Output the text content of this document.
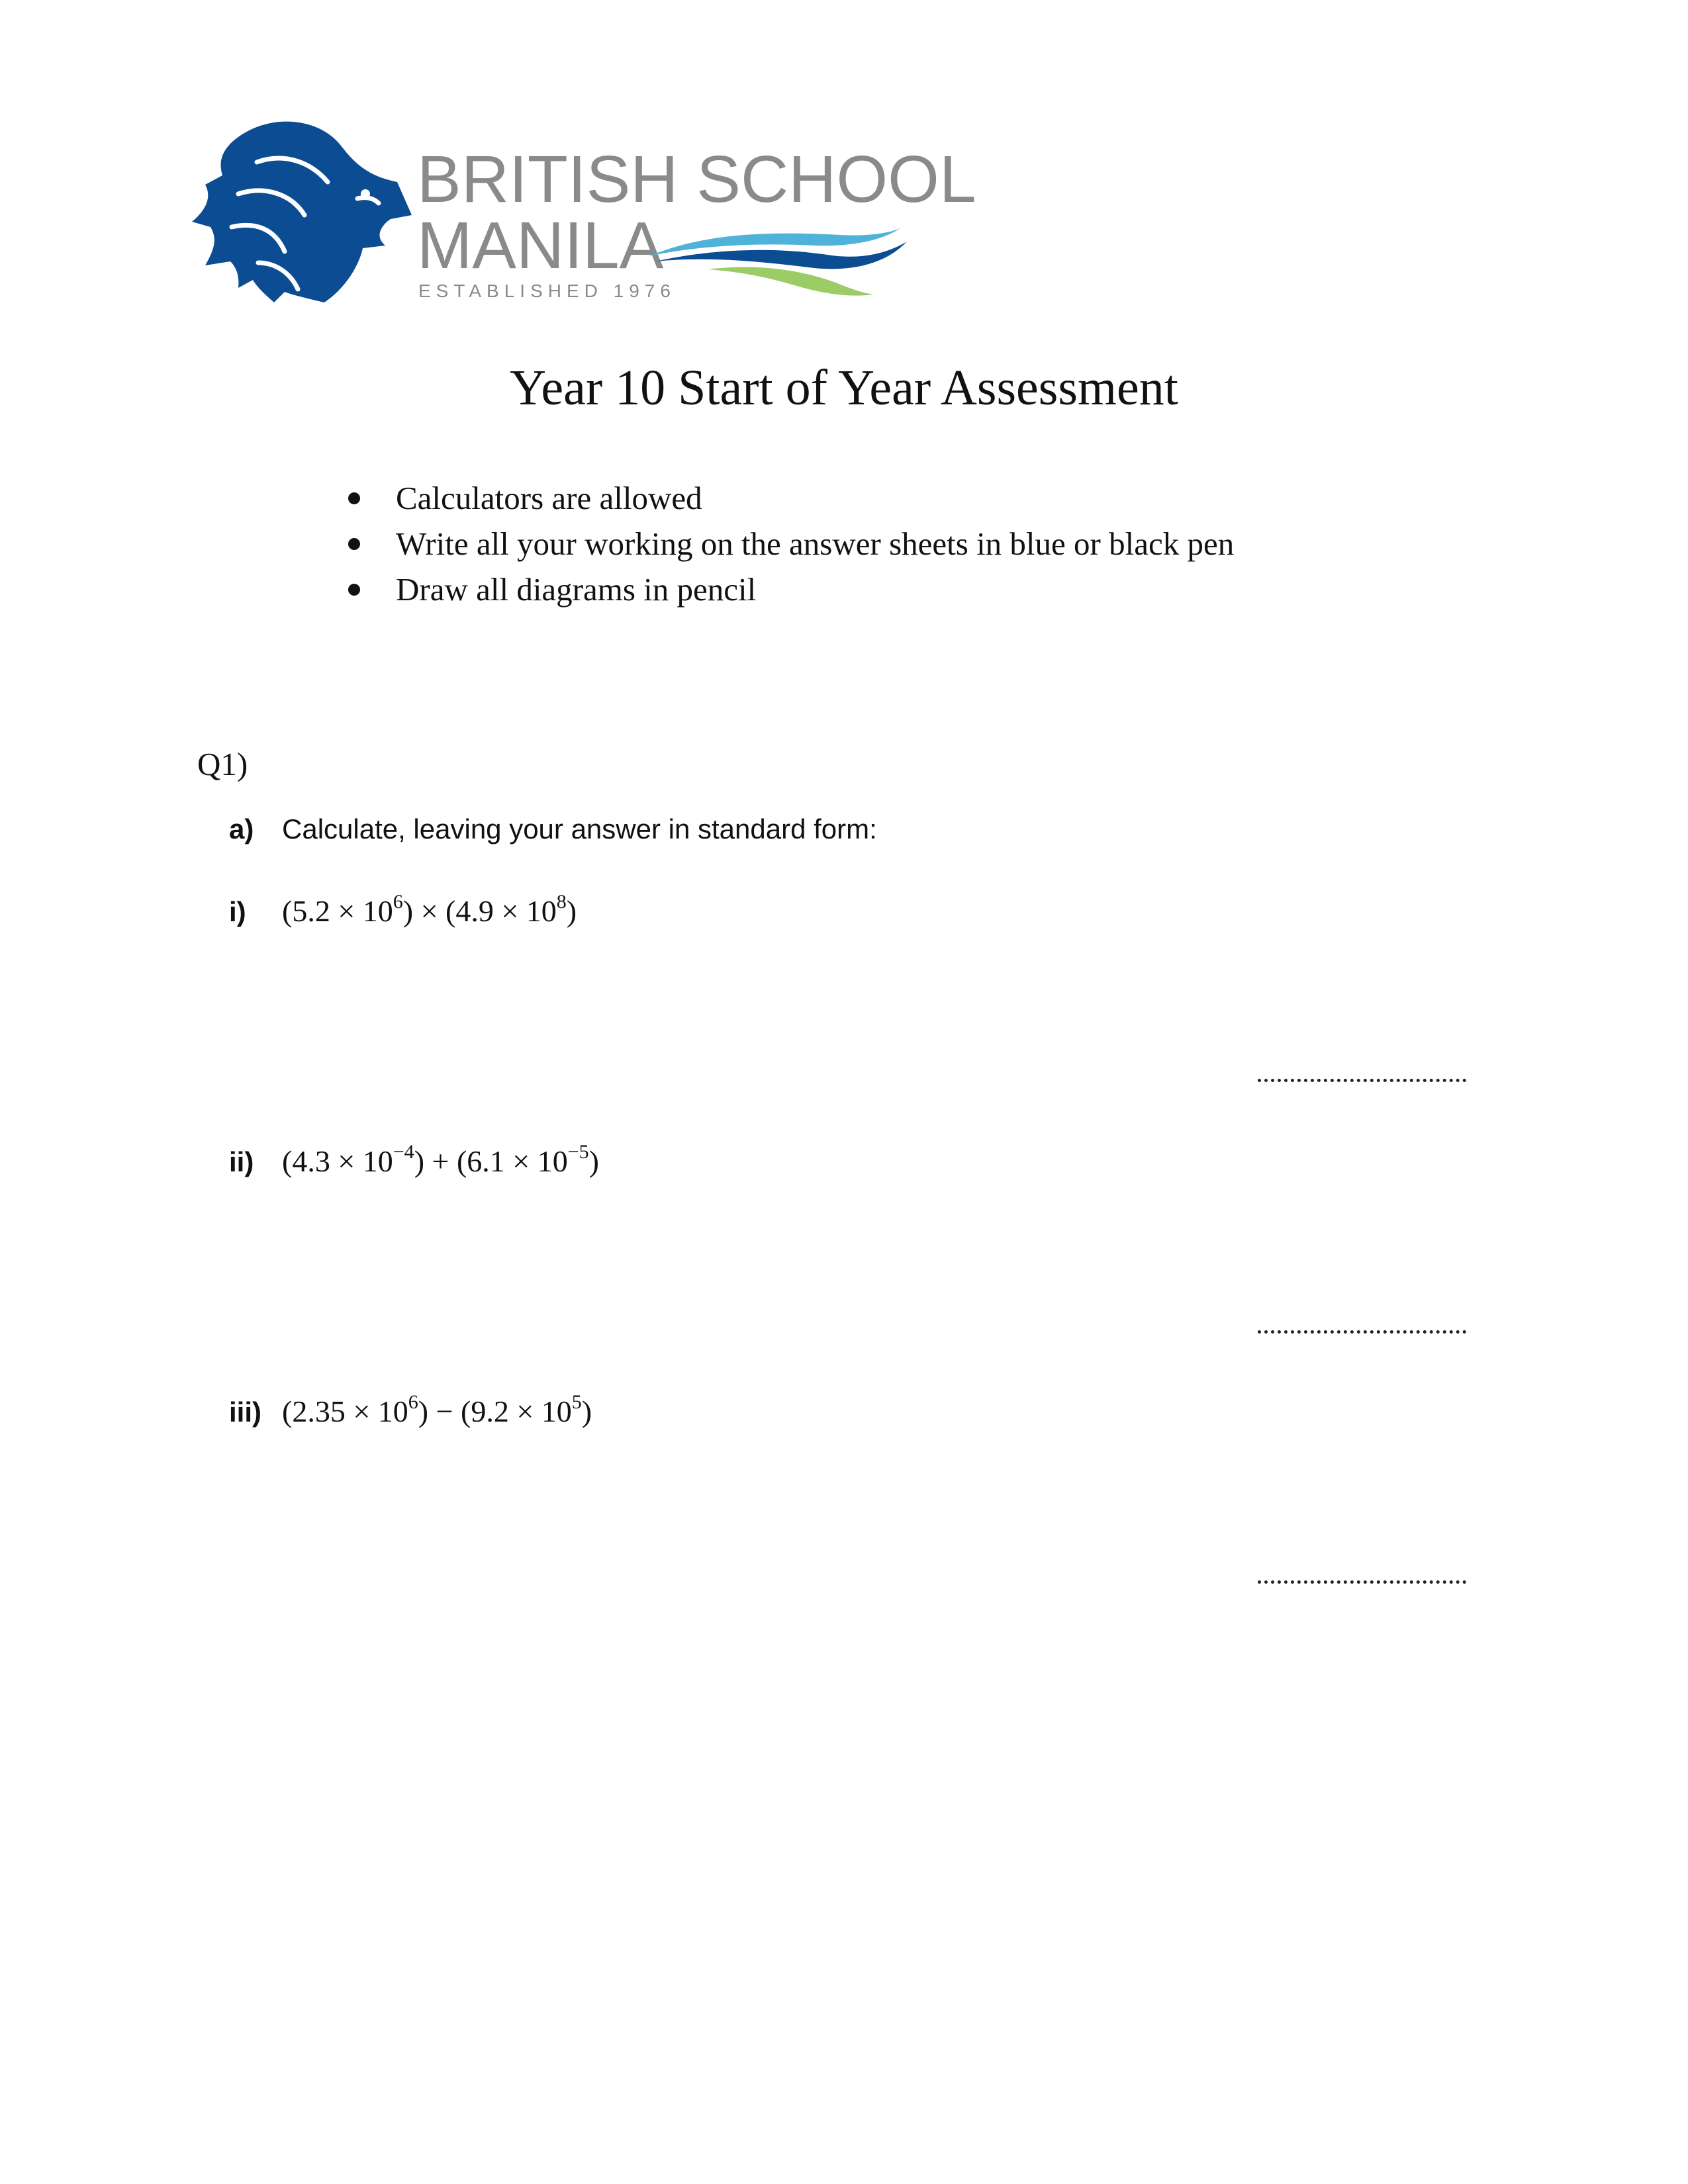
BRITISH SCHOOL
MANILA
ESTABLISHED 1976
Year 10 Start of Year Assessment
Calculators are allowed
Write all your working on the answer sheets in blue or black pen
Draw all diagrams in pencil
Q1)
a) Calculate, leaving your answer in standard form:
i) $(5.2 \times 10^6) \times (4.9 \times 10^8)$
ii) $(4.3 \times 10^{-4}) + (6.1 \times 10^{-5})$
iii) $(2.35 \times 10^6) - (9.2 \times 10^5)$
